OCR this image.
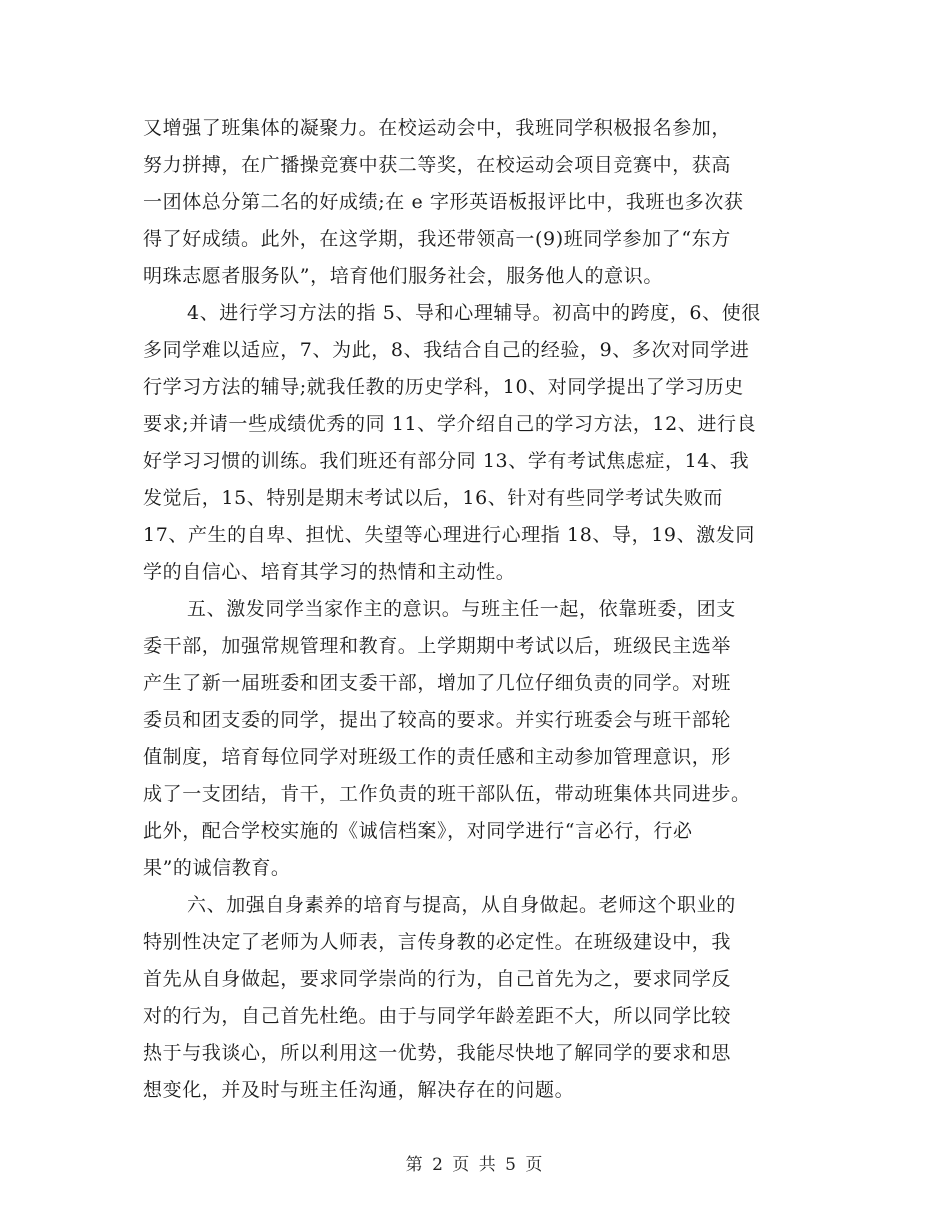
又增强了班集体的凝聚力。在校运动会中，我班同学积极报名参加，
努力拼搏，在广播操竞赛中获二等奖，在校运动会项目竞赛中，获高
一团体总分第二名的好成绩;在 e 字形英语板报评比中，我班也多次获
得了好成绩。此外，在这学期，我还带领高一(9)班同学参加了“东方
明珠志愿者服务队”，培育他们服务社会，服务他人的意识。
4、进行学习方法的指 5、导和心理辅导。初高中的跨度，6、使很
多同学难以适应，7、为此，8、我结合自己的经验，9、多次对同学进
行学习方法的辅导;就我任教的历史学科，10、对同学提出了学习历史
要求;并请一些成绩优秀的同 11、学介绍自己的学习方法，12、进行良
好学习习惯的训练。我们班还有部分同 13、学有考试焦虑症，14、我
发觉后，15、特别是期末考试以后，16、针对有些同学考试失败而
17、产生的自卑、担忧、失望等心理进行心理指 18、导，19、激发同
学的自信心、培育其学习的热情和主动性。
五、激发同学当家作主的意识。与班主任一起，依靠班委，团支
委干部，加强常规管理和教育。上学期期中考试以后，班级民主选举
产生了新一届班委和团支委干部，增加了几位仔细负责的同学。对班
委员和团支委的同学，提出了较高的要求。并实行班委会与班干部轮
值制度，培育每位同学对班级工作的责任感和主动参加管理意识，形
成了一支团结，肯干，工作负责的班干部队伍，带动班集体共同进步。
此外，配合学校实施的《诚信档案》，对同学进行“言必行，行必
果”的诚信教育。
六、加强自身素养的培育与提高，从自身做起。老师这个职业的
特别性决定了老师为人师表，言传身教的必定性。在班级建设中，我
首先从自身做起，要求同学崇尚的行为，自己首先为之，要求同学反
对的行为，自己首先杜绝。由于与同学年龄差距不大，所以同学比较
热于与我谈心，所以利用这一优势，我能尽快地了解同学的要求和思
想变化，并及时与班主任沟通，解决存在的问题。
第 2 页 共 5 页
